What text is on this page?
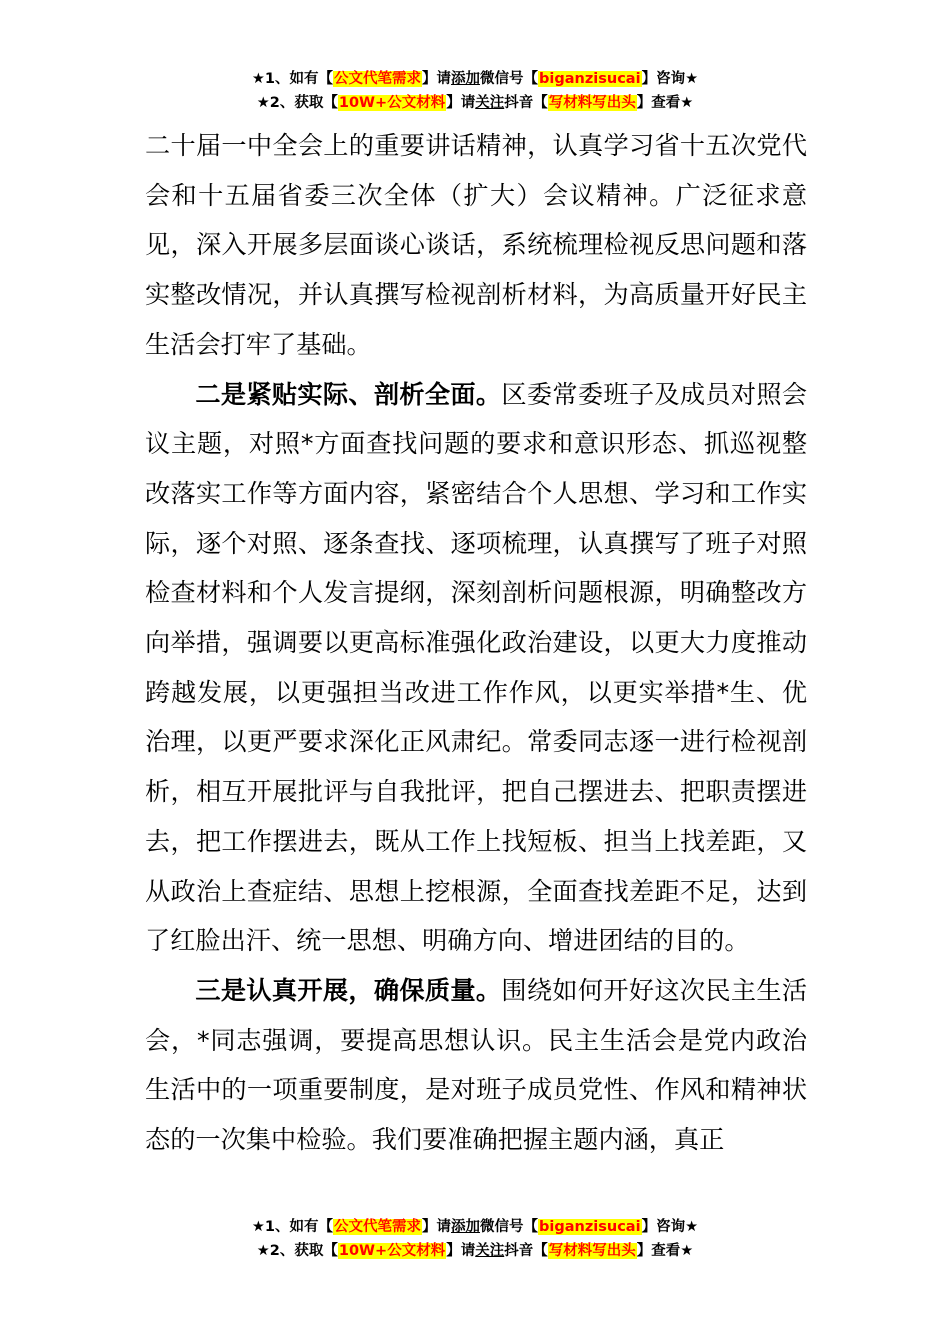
★1、如有【公文代笔需求】请添加微信号【biganzisucai】咨询★
★2、获取【10W+公文材料】请关注抖音【写材料写出头】查看★

二十届一中全会上的重要讲话精神，认真学习省十五次党代会和十五届省委三次全体（扩大）会议精神。广泛征求意见，深入开展多层面谈心谈话，系统梳理检视反思问题和落实整改情况，并认真撰写检视剖析材料，为高质量开好民主生活会打牢了基础。

二是紧贴实际、剖析全面。区委常委班子及成员对照会议主题，对照*方面查找问题的要求和意识形态、抓巡视整改落实工作等方面内容，紧密结合个人思想、学习和工作实际，逐个对照、逐条查找、逐项梳理，认真撰写了班子对照检查材料和个人发言提纲，深刻剖析问题根源，明确整改方向举措，强调要以更高标准强化政治建设，以更大力度推动跨越发展，以更强担当改进工作作风，以更实举措*生、优治理，以更严要求深化正风肃纪。常委同志逐一进行检视剖析，相互开展批评与自我批评，把自己摆进去、把职责摆进去，把工作摆进去，既从工作上找短板、担当上找差距，又从政治上查症结、思想上挖根源，全面查找差距不足，达到了红脸出汗、统一思想、明确方向、增进团结的目的。

三是认真开展，确保质量。围绕如何开好这次民主生活会，*同志强调，要提高思想认识。民主生活会是党内政治生活中的一项重要制度，是对班子成员党性、作风和精神状态的一次集中检验。我们要准确把握主题内涵，真正

★1、如有【公文代笔需求】请添加微信号【biganzisucai】咨询★
★2、获取【10W+公文材料】请关注抖音【写材料写出头】查看★
